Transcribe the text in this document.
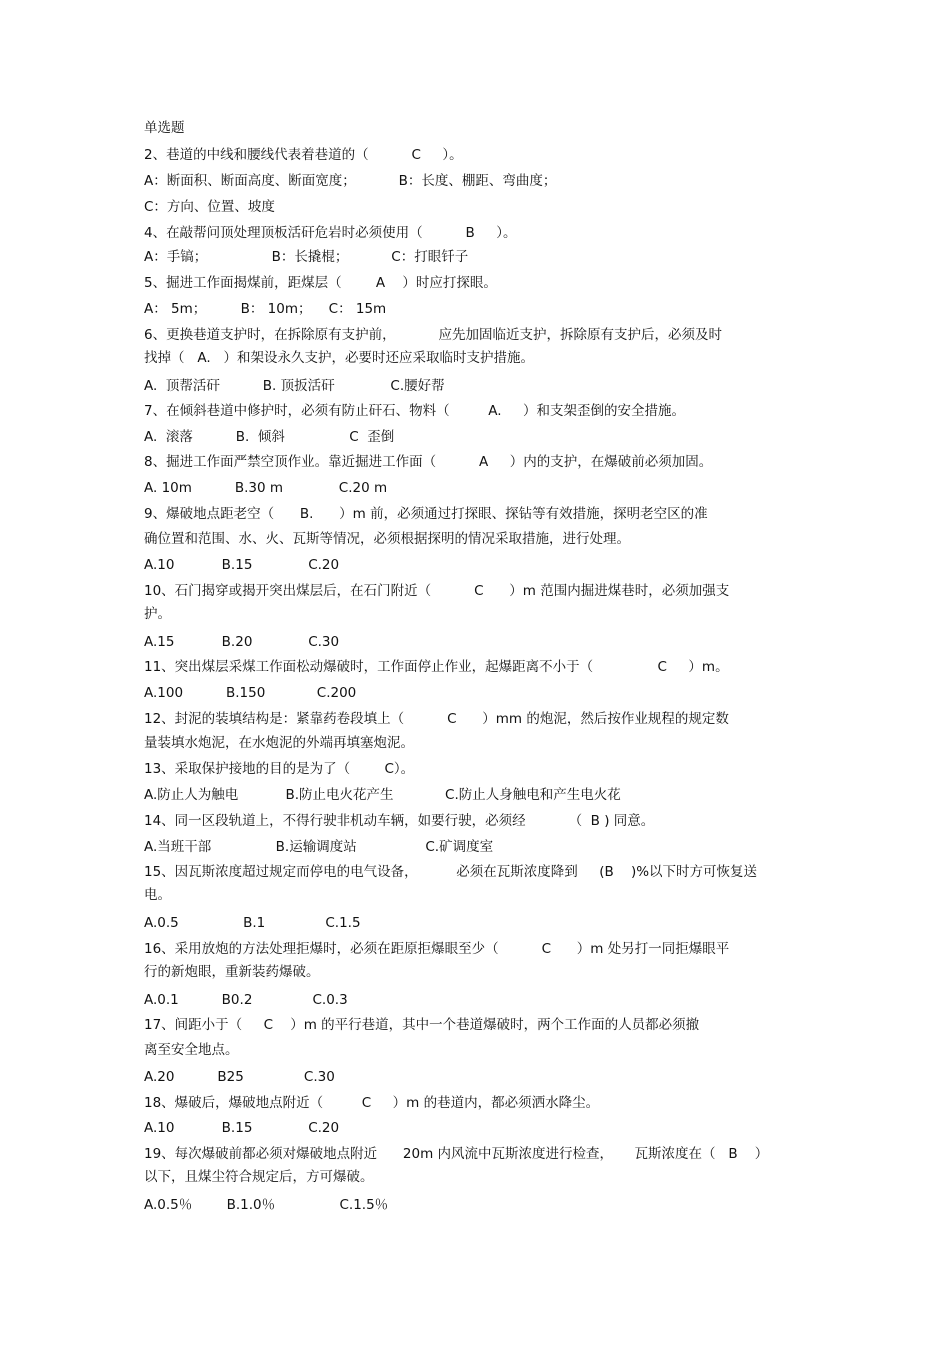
单选题

2、巷道的中线和腰线代表着巷道的（          C     ）。

A：断面积、断面高度、断面宽度；          B：长度、棚距、弯曲度；

C：方向、位置、坡度

4、在敲帮问顶处理顶板活矸危岩时必须使用（          B     ）。

A：手镐；               B：长撬棍；          C：打眼钎子

5、掘进工作面揭煤前，距煤层（        A    ）时应打探眼。

A： 5m；        B： 10m；    C： 15m

6、更换巷道支护时，在拆除原有支护前，          应先加固临近支护，拆除原有支护后，必须及时

找掉（   A.   ）和架设永久支护，必要时还应采取临时支护措施。

A.  顶帮活矸          B. 顶扳活矸             C.腰好帮

7、在倾斜巷道中修护时，必须有防止矸石、物料（         A.     ）和支架歪倒的安全措施。

A.  滚落          B.  倾斜               C  歪倒

8、掘进工作面严禁空顶作业。靠近掘进工作面（          A     ）内的支护，在爆破前必须加固。

A. 10m          B.30 m             C.20 m

9、爆破地点距老空（      B.      ）m 前，必须通过打探眼、探钻等有效措施，探明老空区的准

确位置和范围、水、火、瓦斯等情况，必须根据探明的情况采取措施，进行处理。

A.10           B.15             C.20

10、石门揭穿或揭开突出煤层后，在石门附近（          C      ）m 范围内掘进煤巷时，必须加强支

护。

A.15           B.20             C.30

11、突出煤层采煤工作面松动爆破时，工作面停止作业，起爆距离不小于（               C     ）m。

A.100          B.150            C.200

12、封泥的装填结构是：紧靠药卷段填上（          C      ）mm 的炮泥，然后按作业规程的规定数

量装填水炮泥，在水炮泥的外端再填塞炮泥。

13、采取保护接地的目的是为了（        C）。

A.防止人为触电           B.防止电火花产生            C.防止人身触电和产生电火花

14、同一区段轨道上，不得行驶非机动车辆，如要行驶，必须经          （  B ) 同意。

A.当班干部               B.运输调度站                C.矿调度室

15、因瓦斯浓度超过规定而停电的电气设备，         必须在瓦斯浓度降到     (B    )%以下时方可恢复送

电。

A.0.5               B.1              C.1.5

16、采用放炮的方法处理拒爆时，必须在距原拒爆眼至少（          C      ）m 处另打一同拒爆眼平

行的新炮眼，重新装药爆破。

A.0.1          B0.2              C.0.3

17、间距小于（     C    ）m 的平行巷道，其中一个巷道爆破时，两个工作面的人员都必须撤

离至安全地点。

A.20          B25              C.30

18、爆破后，爆破地点附近（         C     ）m 的巷道内，都必须洒水降尘。

A.10           B.15             C.20

19、每次爆破前都必须对爆破地点附近      20m 内风流中瓦斯浓度进行检查，     瓦斯浓度在（   B    ）

以下，且煤尘符合规定后，方可爆破。

A.0.5％        B.1.0％               C.1.5％
